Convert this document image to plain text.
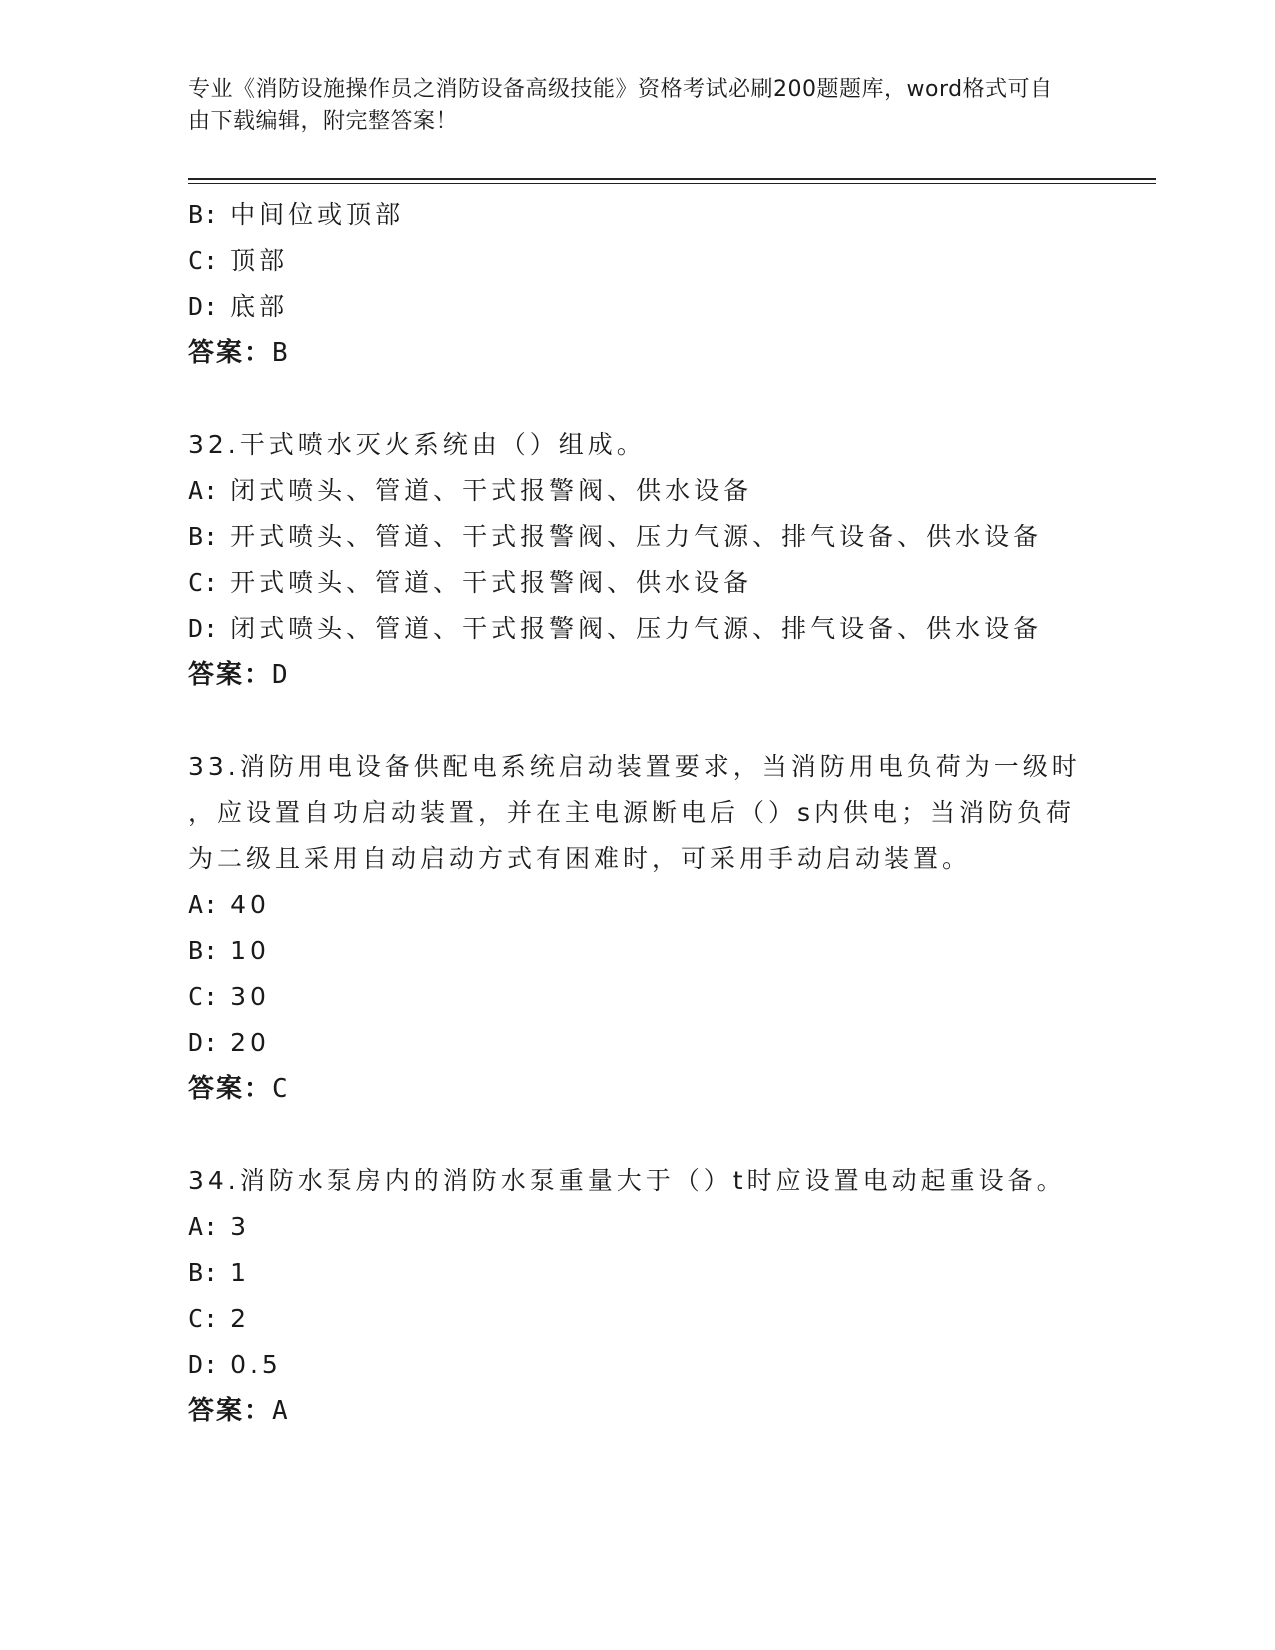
专业《消防设施操作员之消防设备高级技能》资格考试必刷200题题库，word格式可自由下载编辑，附完整答案！
B: 中间位或顶部
C: 顶部
D: 底部
答案：B
32.干式喷水灭火系统由（）组成。
A: 闭式喷头、管道、干式报警阀、供水设备
B: 开式喷头、管道、干式报警阀、压力气源、排气设备、供水设备
C: 开式喷头、管道、干式报警阀、供水设备
D: 闭式喷头、管道、干式报警阀、压力气源、排气设备、供水设备
答案：D
33.消防用电设备供配电系统启动装置要求，当消防用电负荷为一级时
，应设置自功启动装置，并在主电源断电后（）s内供电；当消防负荷
为二级且采用自动启动方式有困难时，可采用手动启动装置。
A: 40
B: 10
C: 30
D: 20
答案：C
34.消防水泵房内的消防水泵重量大于（）t时应设置电动起重设备。
A: 3
B: 1
C: 2
D: 0.5
答案：A
